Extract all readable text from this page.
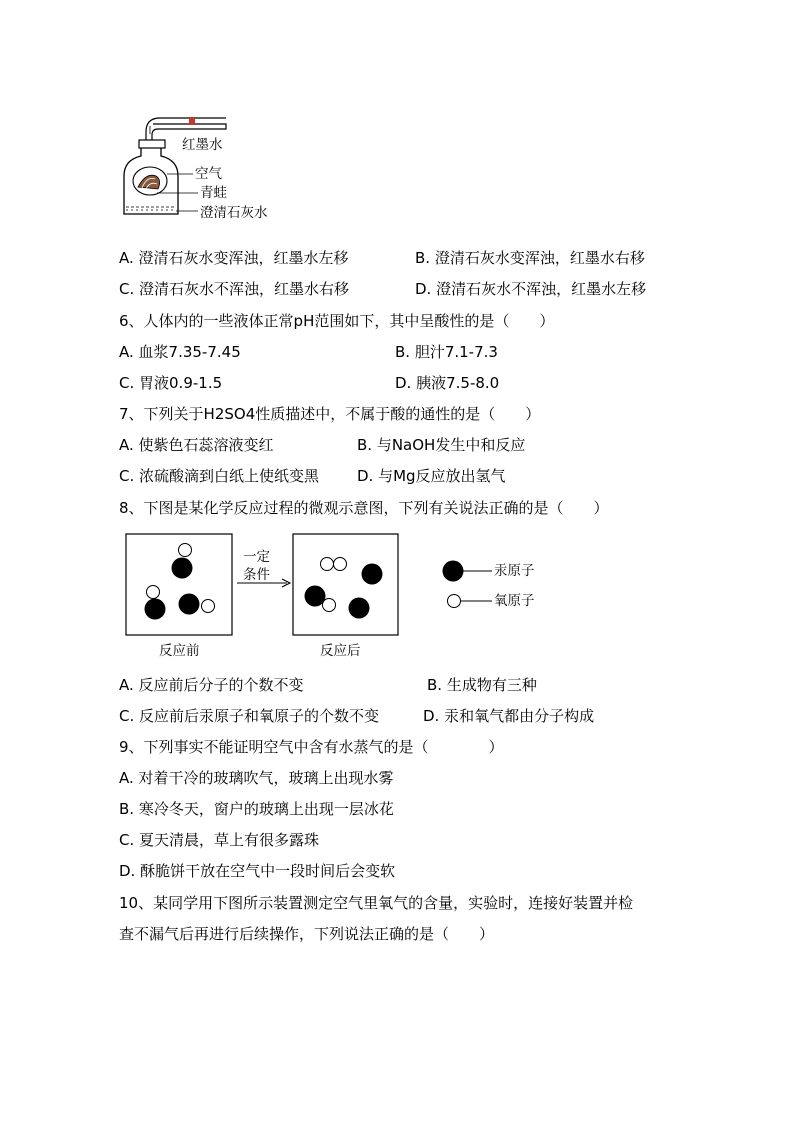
红墨水
空气
青蛙
澄清石灰水
A. 澄清石灰水变浑浊，红墨水左移	B. 澄清石灰水变浑浊，红墨水右移
C. 澄清石灰水不浑浊，红墨水右移	D. 澄清石灰水不浑浊，红墨水左移
6、人体内的一些液体正常pH范围如下，其中呈酸性的是（　　）
A. 血浆7.35-7.45	B. 胆汁7.1-7.3
C. 胃液0.9-1.5	D. 胰液7.5-8.0
7、下列关于H2SO4性质描述中，不属于酸的通性的是（　　）
A. 使紫色石蕊溶液变红	B. 与NaOH发生中和反应
C. 浓硫酸滴到白纸上使纸变黑	D. 与Mg反应放出氢气
8、下图是某化学反应过程的微观示意图，下列有关说法正确的是（　　）
一定
条件
反应前	反应后
汞原子
氧原子
A. 反应前后分子的个数不变	B. 生成物有三种
C. 反应前后汞原子和氧原子的个数不变	D. 汞和氧气都由分子构成
9、下列事实不能证明空气中含有水蒸气的是（　　　　）
A. 对着干冷的玻璃吹气，玻璃上出现水雾
B. 寒冷冬天，窗户的玻璃上出现一层冰花
C. 夏天清晨，草上有很多露珠
D. 酥脆饼干放在空气中一段时间后会变软
10、某同学用下图所示装置测定空气里氧气的含量，实验时，连接好装置并检
查不漏气后再进行后续操作，下列说法正确的是（　　）
